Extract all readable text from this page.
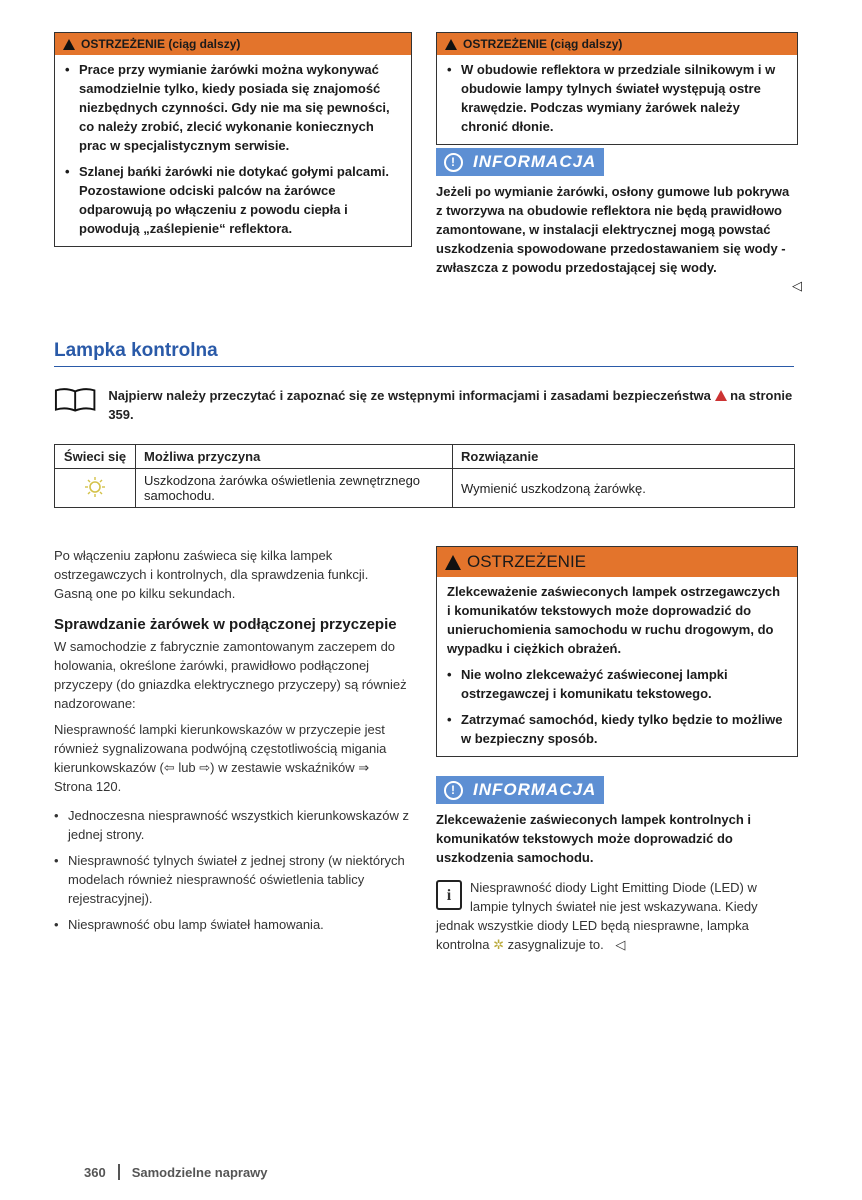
OSTRZEŻENIE (ciąg dalszy)

• Prace przy wymianie żarówki można wykonywać samodzielnie tylko, kiedy posiada się znajomość niezbędnych czynności. Gdy nie ma się pewności, co należy zrobić, zlecić wykonanie koniecznych prac w specjalistycznym serwisie.

• Szlanej bańki żarówki nie dotykać gołymi palcami. Pozostawione odciski palców na żarówce odparowują po włączeniu z powodu ciepła i powodują „zaślepienie“ reflektora.

OSTRZEŻENIE (ciąg dalszy)

• W obudowie reflektora w przedziale silnikowym i w obudowie lampy tylnych świateł występują ostre krawędzie. Podczas wymiany żarówek należy chronić dłonie.

!	INFORMACJA
Jeżeli po wymianie żarówki, osłony gumowe lub pokrywa z tworzywa na obudowie reflektora nie będą prawidłowo zamontowane, w instalacji elektrycznej mogą powstać uszkodzenia spowodowane przedostawaniem się wody - zwłaszcza z powodu przedostającej się wody.
◁
Lampka kontrolna
Najpierw należy przeczytać i zapoznać się ze wstępnymi informacjami i zasadami bezpieczeństwa na stronie 359.
Świeci się	Możliwa przyczyna	Rozwiązanie
	Uszkodzona żarówka oświetlenia zewnętrznego samochodu.	Wymienić uszkodzoną żarówkę.

Po włączeniu zapłonu zaświeca się kilka lampek ostrzegawczych i kontrolnych, dla sprawdzenia funkcji. Gasną one po kilku sekundach.

Sprawdzanie żarówek w podłączonej przyczepie

W samochodzie z fabrycznie zamontowanym zaczepem do holowania, określone żarówki, prawidłowo podłączonej przyczepy (do gniazdka elektrycznego przyczepy) są również nadzorowane:

Niesprawność lampki kierunkowskazów w przyczepie jest również sygnalizowana podwójną częstotliwością migania kierunkowskazów (⇦ lub ⇨) w zestawie wskaźników ⇒ Strona 120.

• Jednoczesna niesprawność wszystkich kierunkowskazów z jednej strony.

• Niesprawność tylnych świateł z jednej strony (w niektórych modelach również niesprawność oświetlenia tablicy rejestracyjnej).

• Niesprawność obu lamp świateł hamowania.

OSTRZEŻENIE

Zlekceważenie zaświeconych lampek ostrzegawczych i komunikatów tekstowych może doprowadzić do unieruchomienia samochodu w ruchu drogowym, do wypadku i ciężkich obrażeń.

• Nie wolno zlekceważyć zaświeconej lampki ostrzegawczej i komunikatu tekstowego.

• Zatrzymać samochód, kiedy tylko będzie to możliwe w bezpieczny sposób.

!	INFORMACJA
Zlekceważenie zaświeconych lampek kontrolnych i komunikatów tekstowych może doprowadzić do uszkodzenia samochodu.
i	Niesprawność diody Light Emitting Diode (LED) w lampie tylnych świateł nie jest wskazywana. Kiedy jednak wszystkie diody LED będą niesprawne, lampka kontrolna ✲ zasygnalizuje to. ◁
360 Samodzielne naprawy
